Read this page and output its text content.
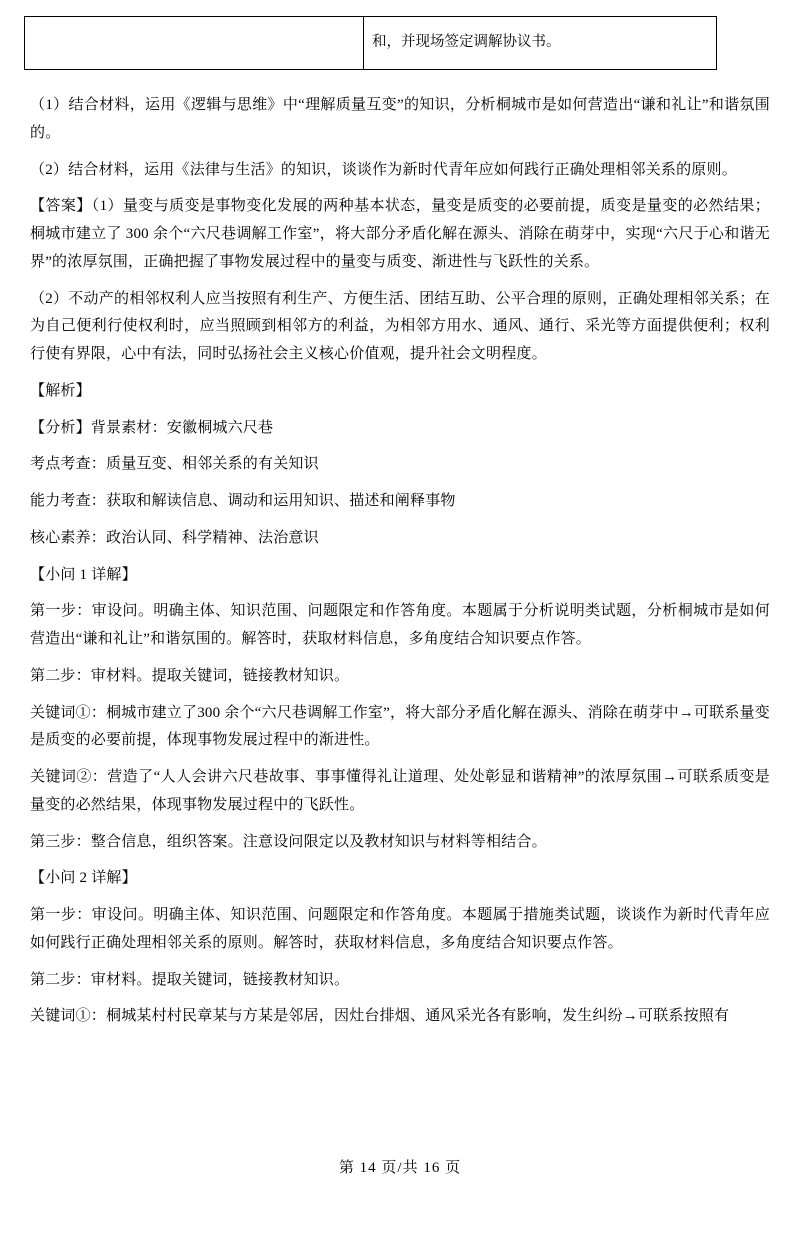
	和，并现场签定调解协议书。

（1）结合材料，运用《逻辑与思维》中“理解质量互变”的知识，分析桐城市是如何营造出“谦和礼让”和谐氛围的。

（2）结合材料，运用《法律与生活》的知识，谈谈作为新时代青年应如何践行正确处理相邻关系的原则。

【答案】（1）量变与质变是事物变化发展的两种基本状态，量变是质变的必要前提，质变是量变的必然结果；桐城市建立了 300 余个“六尺巷调解工作室”，将大部分矛盾化解在源头、消除在萌芽中，实现“六尺于心和谐无界”的浓厚氛围，正确把握了事物发展过程中的量变与质变、渐进性与飞跃性的关系。

（2）不动产的相邻权利人应当按照有利生产、方便生活、团结互助、公平合理的原则，正确处理相邻关系；在为自己便利行使权利时，应当照顾到相邻方的利益，为相邻方用水、通风、通行、采光等方面提供便利；权利行使有界限，心中有法，同时弘扬社会主义核心价值观，提升社会文明程度。

【解析】

【分析】背景素材：安徽桐城六尺巷

考点考查：质量互变、相邻关系的有关知识

能力考查：获取和解读信息、调动和运用知识、描述和阐释事物

核心素养：政治认同、科学精神、法治意识

【小问 1 详解】

第一步：审设问。明确主体、知识范围、问题限定和作答角度。本题属于分析说明类试题，分析桐城市是如何营造出“谦和礼让”和谐氛围的。解答时，获取材料信息，多角度结合知识要点作答。

第二步：审材料。提取关键词，链接教材知识。

关键词①：桐城市建立了300 余个“六尺巷调解工作室”，将大部分矛盾化解在源头、消除在萌芽中→可联系量变是质变的必要前提，体现事物发展过程中的渐进性。

关键词②：营造了“人人会讲六尺巷故事、事事懂得礼让道理、处处彰显和谐精神”的浓厚氛围→可联系质变是量变的必然结果，体现事物发展过程中的飞跃性。

第三步：整合信息，组织答案。注意设问限定以及教材知识与材料等相结合。

【小问 2 详解】

第一步：审设问。明确主体、知识范围、问题限定和作答角度。本题属于措施类试题，谈谈作为新时代青年应如何践行正确处理相邻关系的原则。解答时，获取材料信息，多角度结合知识要点作答。

第二步：审材料。提取关键词，链接教材知识。

关键词①：桐城某村村民章某与方某是邻居，因灶台排烟、通风采光各有影响，发生纠纷→可联系按照有

第 14 页/共 16 页
